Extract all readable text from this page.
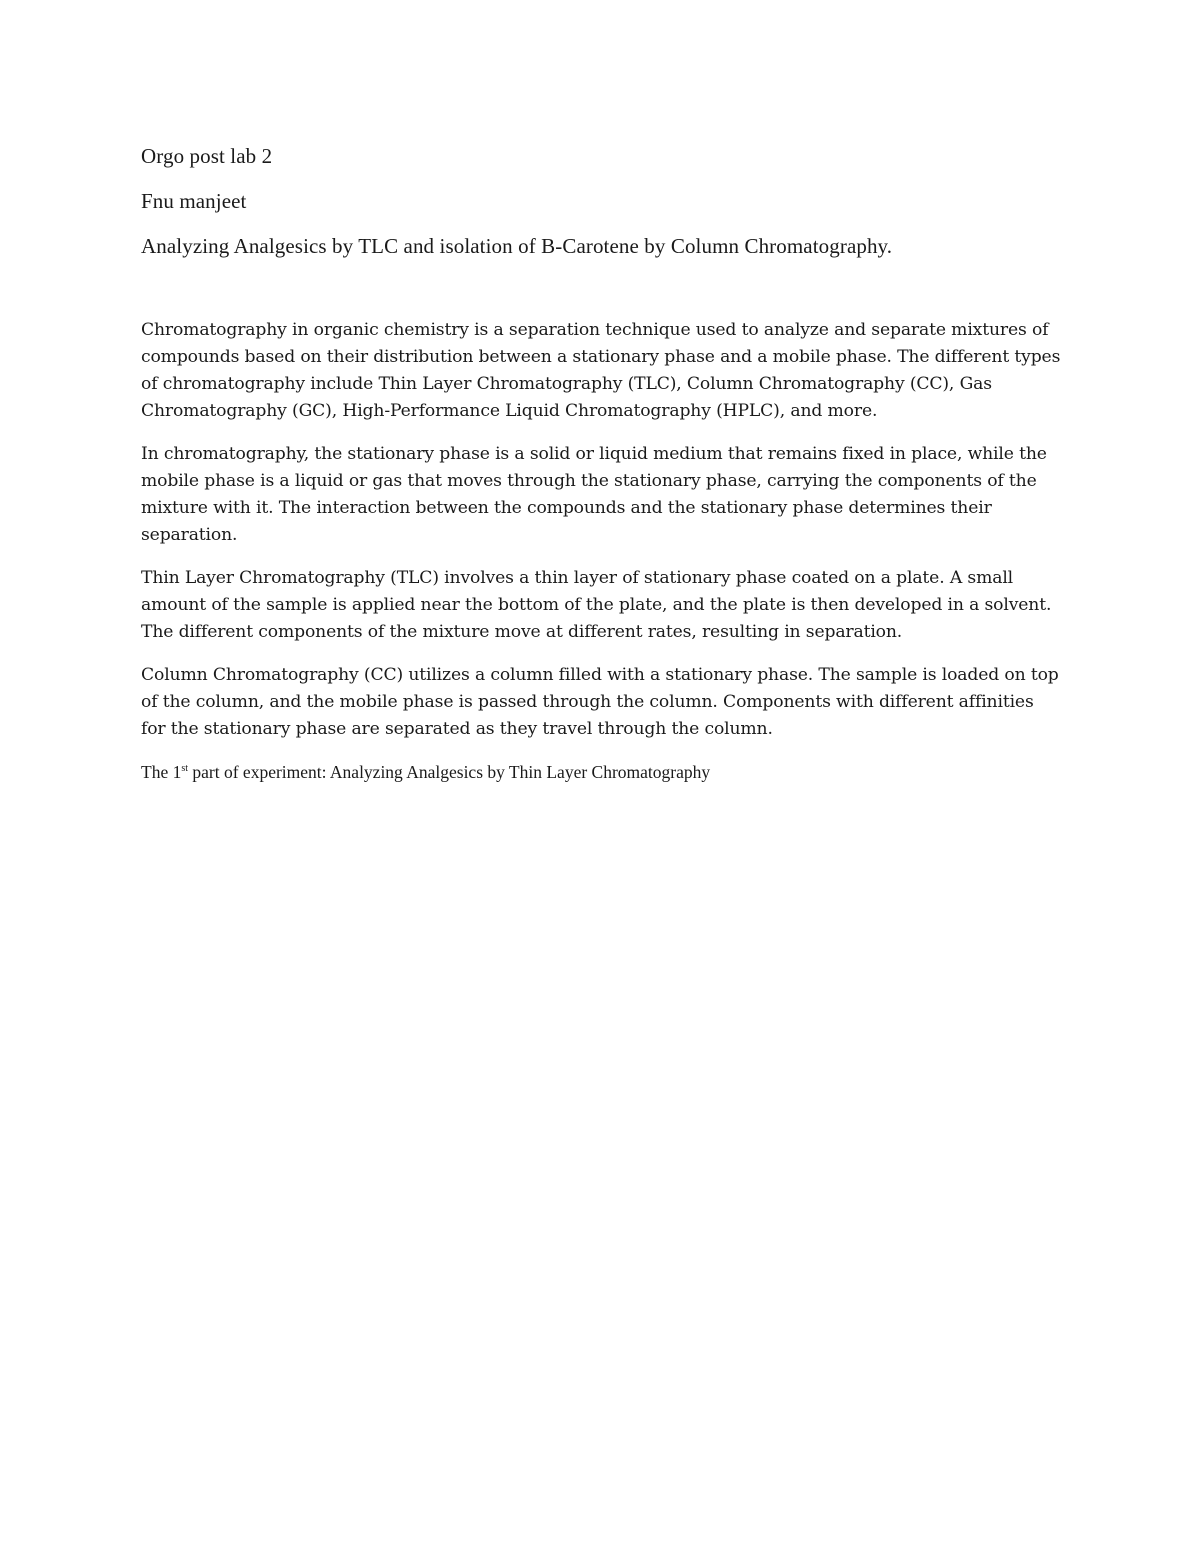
Orgo post lab 2
Fnu manjeet
Analyzing Analgesics by TLC and isolation of B-Carotene by Column Chromatography.

Chromatography in organic chemistry is a separation technique used to analyze and separate mixtures of compounds based on their distribution between a stationary phase and a mobile phase. The different types of chromatography include Thin Layer Chromatography (TLC), Column Chromatography (CC), Gas Chromatography (GC), High-Performance Liquid Chromatography (HPLC), and more.

In chromatography, the stationary phase is a solid or liquid medium that remains fixed in place, while the mobile phase is a liquid or gas that moves through the stationary phase, carrying the components of the mixture with it. The interaction between the compounds and the stationary phase determines their separation.

Thin Layer Chromatography (TLC) involves a thin layer of stationary phase coated on a plate. A small amount of the sample is applied near the bottom of the plate, and the plate is then developed in a solvent. The different components of the mixture move at different rates, resulting in separation.

Column Chromatography (CC) utilizes a column filled with a stationary phase. The sample is loaded on top of the column, and the mobile phase is passed through the column. Components with different affinities for the stationary phase are separated as they travel through the column.

The 1st part of experiment: Analyzing Analgesics by Thin Layer Chromatography
